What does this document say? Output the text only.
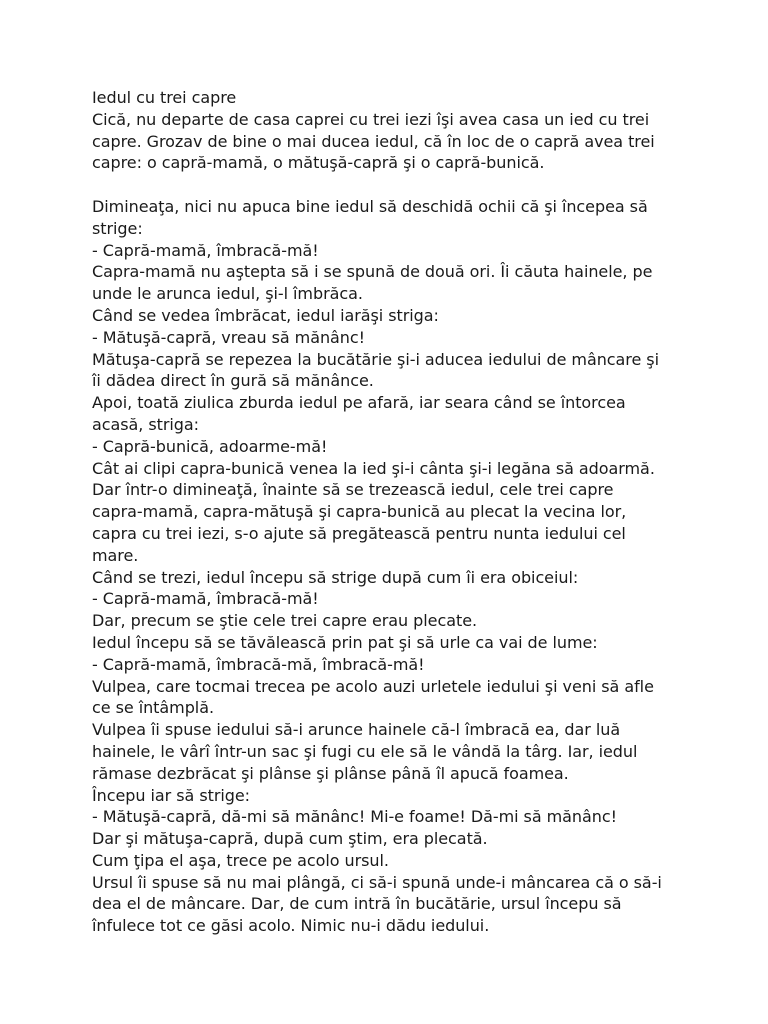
Iedul cu trei capre
Cică, nu departe de casa caprei cu trei iezi îşi avea casa un ied cu trei
capre. Grozav de bine o mai ducea iedul, că în loc de o capră avea trei
capre: o capră-mamă, o mătuşă-capră şi o capră-bunică.
Dimineaţa, nici nu apuca bine iedul să deschidă ochii că şi începea să
strige:
- Capră-mamă, îmbracă-mă!
Capra-mamă nu aştepta să i se spună de două ori. Îi căuta hainele, pe
unde le arunca iedul, şi-l îmbrăca.
Când se vedea îmbrăcat, iedul iarăşi striga:
- Mătuşă-capră, vreau să mănânc!
Mătuşa-capră se repezea la bucătărie şi-i aducea iedului de mâncare şi
îi dădea direct în gură să mănânce.
Apoi, toată ziulica zburda iedul pe afară, iar seara când se întorcea
acasă, striga:
- Capră-bunică, adoarme-mă!
Cât ai clipi capra-bunică venea la ied şi-i cânta şi-i legăna să adoarmă.
Dar într-o dimineaţă, înainte să se trezească iedul, cele trei capre
capra-mamă, capra-mătuşă şi capra-bunică au plecat la vecina lor,
capra cu trei iezi, s-o ajute să pregătească pentru nunta iedului cel
mare.
Când se trezi, iedul începu să strige după cum îi era obiceiul:
- Capră-mamă, îmbracă-mă!
Dar, precum se ştie cele trei capre erau plecate.
Iedul începu să se tăvălească prin pat şi să urle ca vai de lume:
- Capră-mamă, îmbracă-mă, îmbracă-mă!
Vulpea, care tocmai trecea pe acolo auzi urletele iedului şi veni să afle
ce se întâmplă.
Vulpea îi spuse iedului să-i arunce hainele că-l îmbracă ea, dar luă
hainele, le vârî într-un sac şi fugi cu ele să le vândă la târg. Iar, iedul
rămase dezbrăcat şi plânse şi plânse până îl apucă foamea.
Începu iar să strige:
- Mătuşă-capră, dă-mi să mănânc! Mi-e foame! Dă-mi să mănânc!
Dar şi mătuşa-capră, după cum ştim, era plecată.
Cum ţipa el aşa, trece pe acolo ursul.
Ursul îi spuse să nu mai plângă, ci să-i spună unde-i mâncarea că o să-i
dea el de mâncare. Dar, de cum intră în bucătărie, ursul începu să
înfulece tot ce găsi acolo. Nimic nu-i dădu iedului.
